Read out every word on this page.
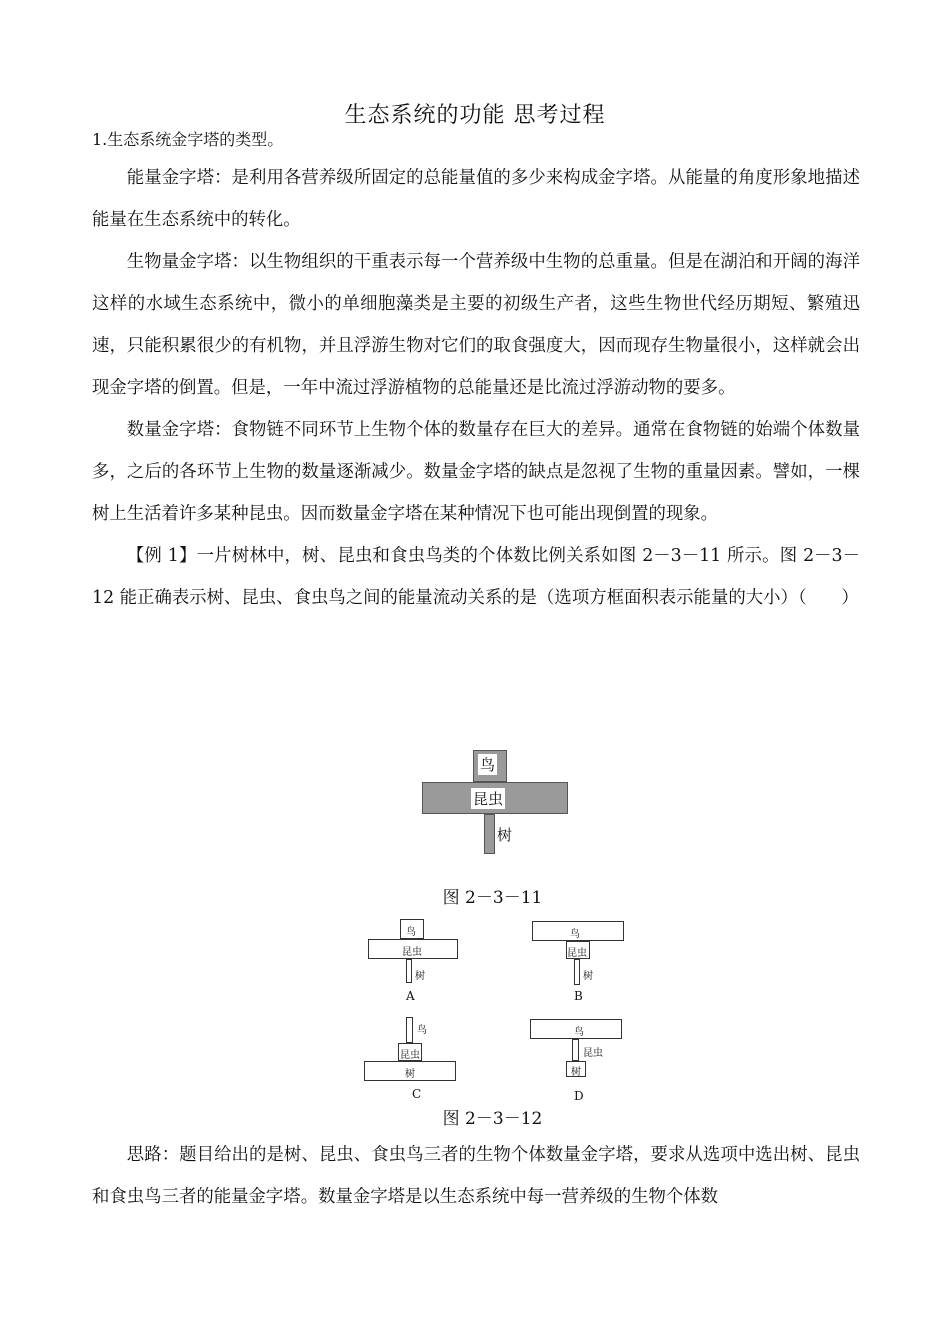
生态系统的功能 思考过程
1.生态系统金字塔的类型。

能量金字塔：是利用各营养级所固定的总能量值的多少来构成金字塔。从能量的角度形象地描述能量在生态系统中的转化。

生物量金字塔：以生物组织的干重表示每一个营养级中生物的总重量。但是在湖泊和开阔的海洋这样的水域生态系统中，微小的单细胞藻类是主要的初级生产者，这些生物世代经历期短、繁殖迅速，只能积累很少的有机物，并且浮游生物对它们的取食强度大，因而现存生物量很小，这样就会出现金字塔的倒置。但是，一年中流过浮游植物的总能量还是比流过浮游动物的要多。

数量金字塔：食物链不同环节上生物个体的数量存在巨大的差异。通常在食物链的始端个体数量多，之后的各环节上生物的数量逐渐减少。数量金字塔的缺点是忽视了生物的重量因素。譬如，一棵树上生活着许多某种昆虫。因而数量金字塔在某种情况下也可能出现倒置的现象。

【例 1】一片树林中，树、昆虫和食虫鸟类的个体数比例关系如图 2－3－11 所示。图 2－3－12 能正确表示树、昆虫、食虫鸟之间的能量流动关系的是（选项方框面积表示能量的大小）（　　）

鸟
昆虫
树
图 2－3－11
鸟
昆虫
树
A
鸟
昆虫
树
B
鸟
昆虫
树
C
鸟
昆虫
树
D
图 2－3－12

思路：题目给出的是树、昆虫、食虫鸟三者的生物个体数量金字塔，要求从选项中选出树、昆虫和食虫鸟三者的能量金字塔。数量金字塔是以生态系统中每一营养级的生物个体数
